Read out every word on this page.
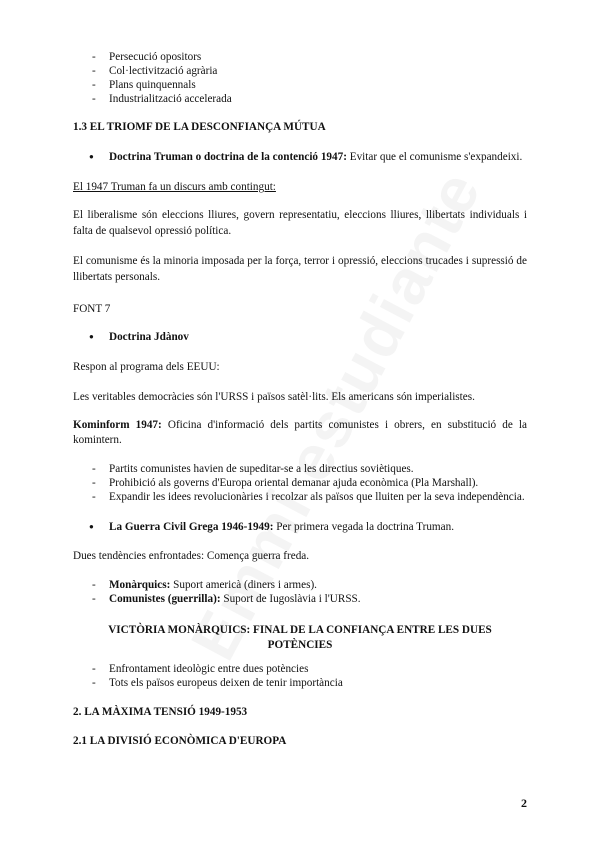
- Persecució opositors
- Col·lectivització agrària
- Plans quinquennals
- Industrialització accelerada

1.3 EL TRIOMF DE LA DESCONFIANÇA MÚTUA

● Doctrina Truman o doctrina de la contenció 1947: Evitar que el comunisme s'expandeixi.

El 1947 Truman fa un discurs amb contingut:

El liberalisme són eleccions lliures, govern representatiu, eleccions lliures, llibertats individuals i falta de qualsevol opressió política.

El comunisme és la minoria imposada per la força, terror i opressió, eleccions trucades i supressió de llibertats personals.

FONT 7

● Doctrina Jdànov

Respon al programa dels EEUU:

Les veritables democràcies són l'URSS i països satèl·lits. Els americans són imperialistes.

Kominform 1947: Oficina d'informació dels partits comunistes i obrers, en substitució de la komintern.

- Partits comunistes havien de supeditar-se a les directius soviètiques.
- Prohibició als governs d'Europa oriental demanar ajuda econòmica (Pla Marshall).
- Expandir les idees revolucionàries i recolzar als països que lluiten per la seva independència.
● La Guerra Civil Grega 1946-1949: Per primera vegada la doctrina Truman.

Dues tendències enfrontades: Comença guerra freda.

- Monàrquics: Suport americà (diners i armes).
- Comunistes (guerrilla): Suport de Iugoslàvia i l'URSS.

VICTÒRIA MONÀRQUICS: FINAL DE LA CONFIANÇA ENTRE LES DUES POTÈNCIES

- Enfrontament ideològic entre dues potències
- Tots els països europeus deixen de tenir importància

2. LA MÀXIMA TENSIÓ 1949-1953

2.1 LA DIVISIÓ ECONÒMICA D'EUROPA

2
